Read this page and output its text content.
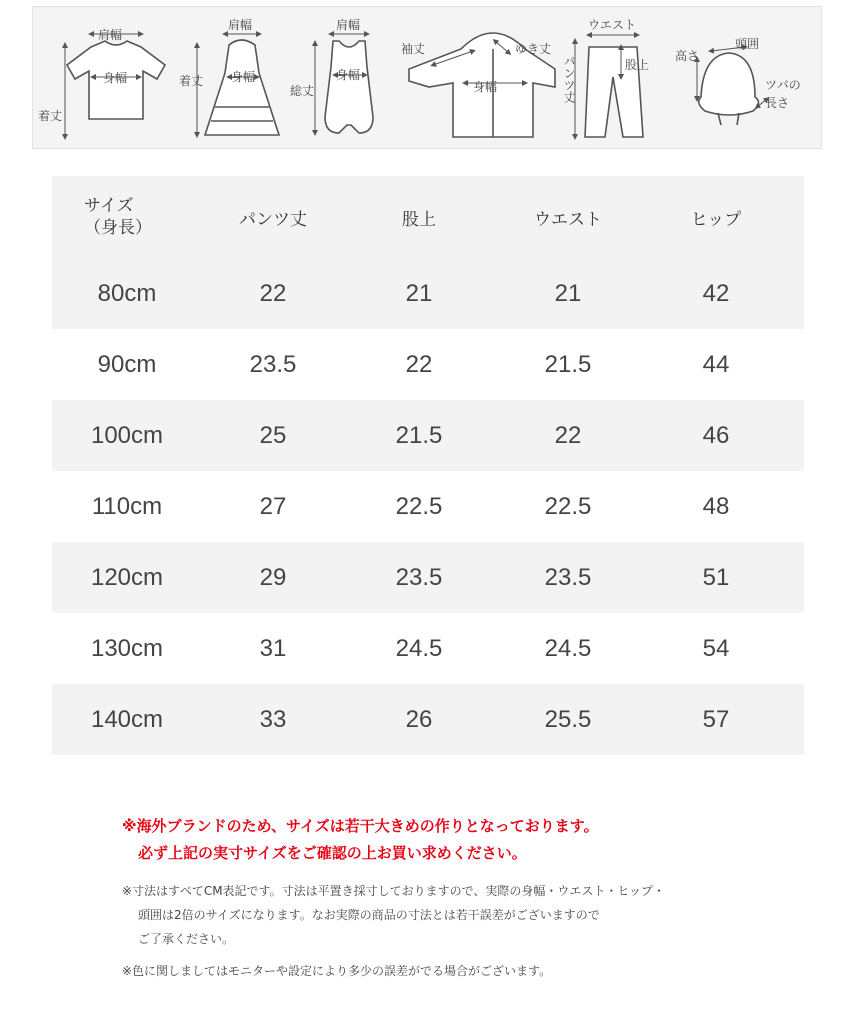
肩幅
身幅
着丈
肩幅
身幅
着丈
肩幅
身幅
総丈
袖丈	ゆき丈
身幅
ウエスト
パンツ丈	股上
高さ
頭囲
ツバの
長さ
サイズ
（身長）	パンツ丈	股上	ウエスト	ヒップ
80cm	22	21	21	42
90cm	23.5	22	21.5	44
100cm	25	21.5	22	46
110cm	27	22.5	22.5	48
120cm	29	23.5	23.5	51
130cm	31	24.5	24.5	54
140cm	33	26	25.5	57
※海外ブランドのため、サイズは若干大きめの作りとなっております。
必ず上記の実寸サイズをご確認の上お買い求めください。
※寸法はすべてCM表記です。寸法は平置き採寸しておりますので、実際の身幅・ウエスト・ヒップ・
頭囲は2倍のサイズになります。なお実際の商品の寸法とは若干誤差がございますので
ご了承ください。
※色に関しましてはモニターや設定により多少の誤差がでる場合がございます。
